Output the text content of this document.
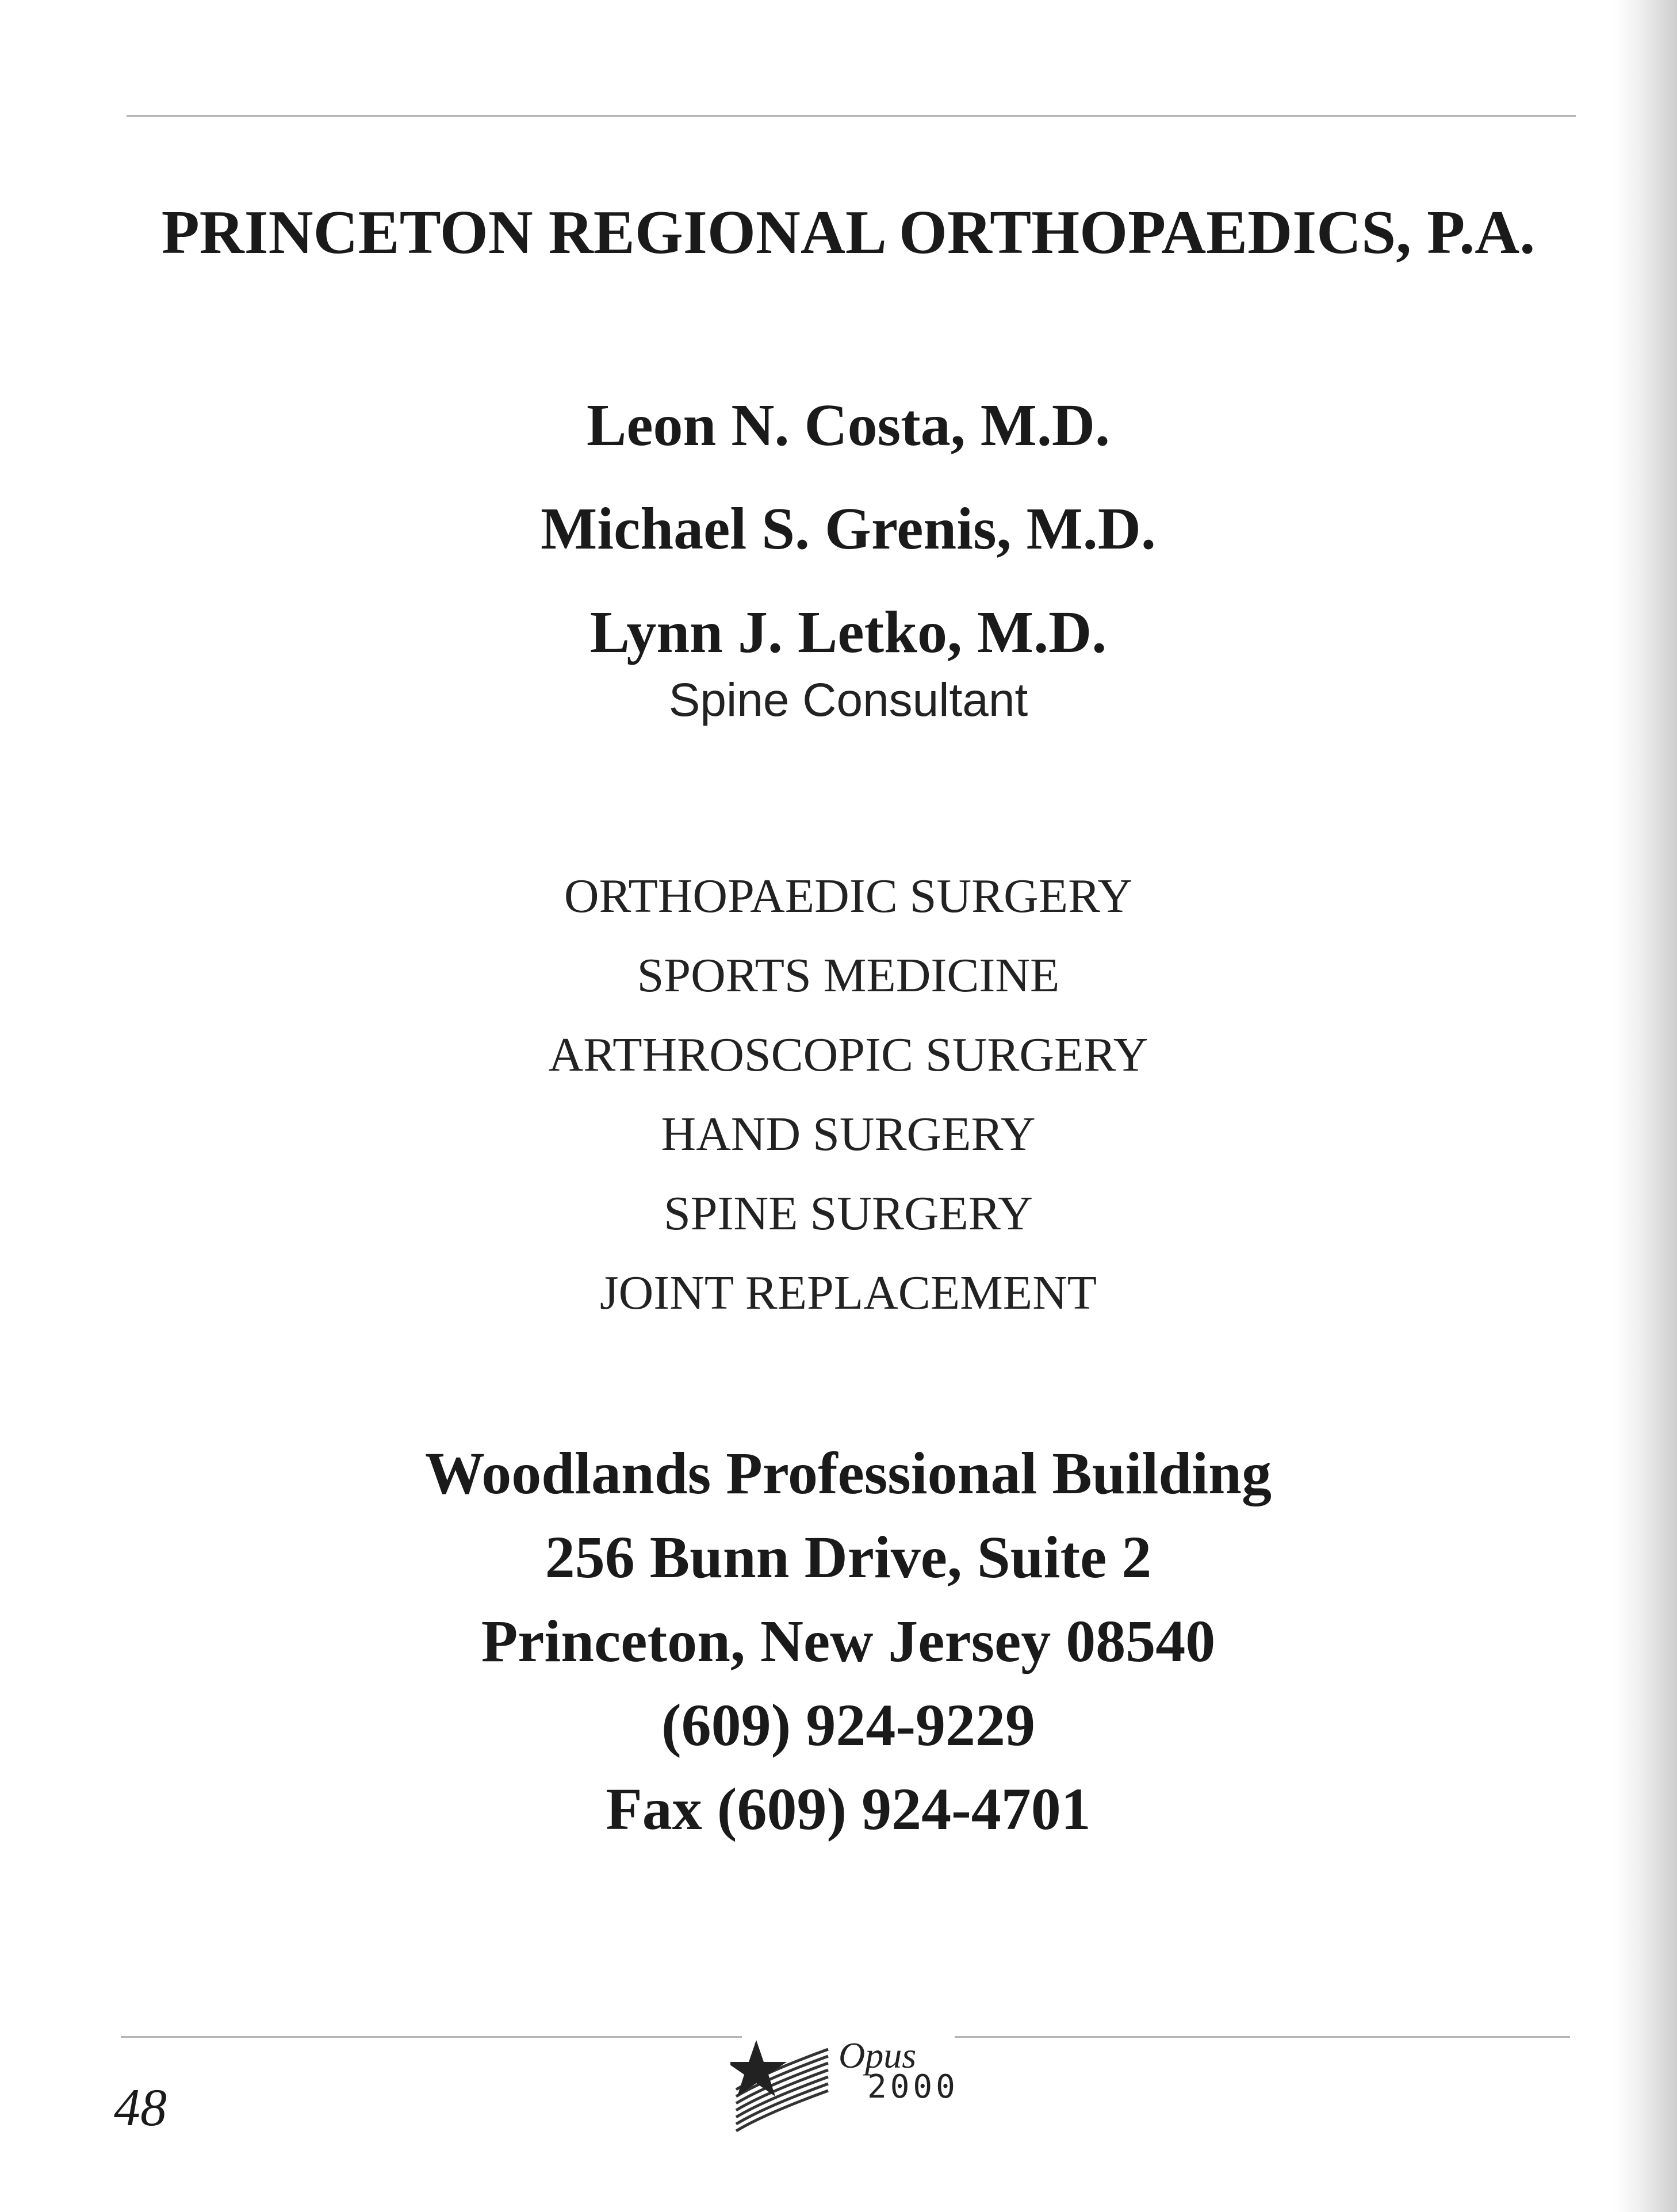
PRINCETON REGIONAL ORTHOPAEDICS, P.A.
Leon N. Costa, M.D.
Michael S. Grenis, M.D.
Lynn J. Letko, M.D.
Spine Consultant
ORTHOPAEDIC SURGERY
SPORTS MEDICINE
ARTHROSCOPIC SURGERY
HAND SURGERY
SPINE SURGERY
JOINT REPLACEMENT
Woodlands Professional Building
256 Bunn Drive, Suite 2
Princeton, New Jersey 08540
(609) 924-9229
Fax (609) 924-4701
Opus
2000
48
